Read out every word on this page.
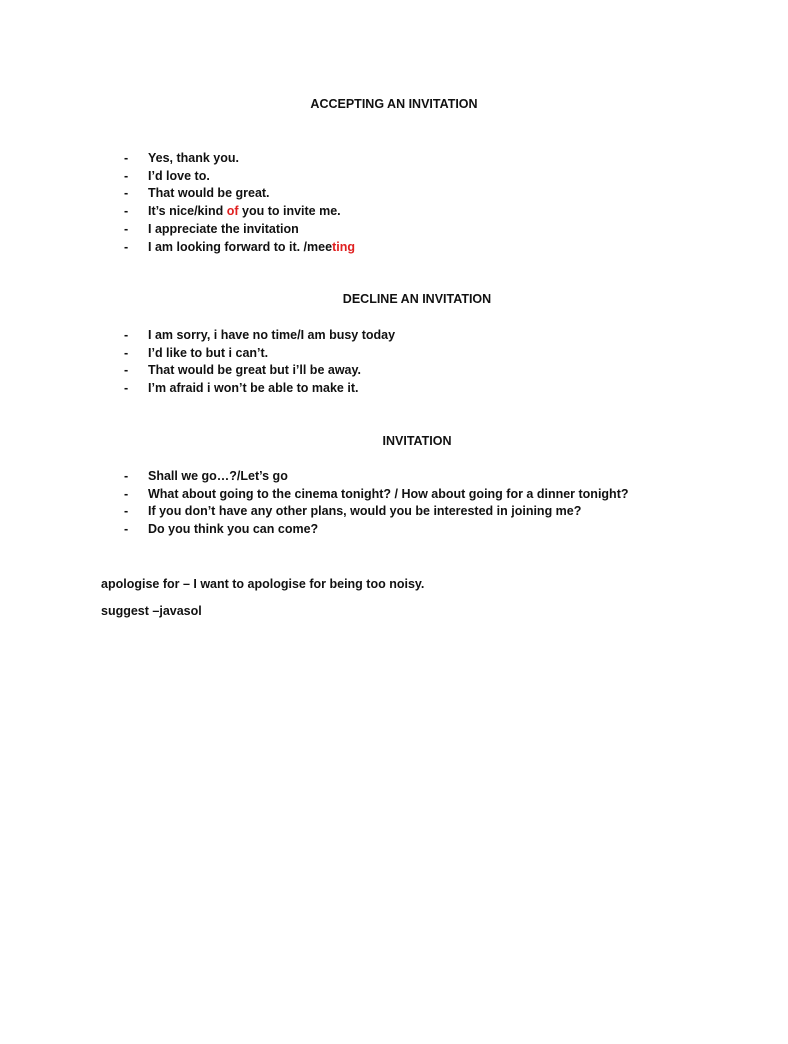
ACCEPTING AN INVITATION
DECLINE AN INVITATION
INVITATION
- Yes, thank you.
- I’d love to.
- That would be great.
- It’s nice/kind of you to invite me.
- I appreciate the invitation
- I am looking forward to it. /meeting
- I am sorry, i have no time/I am busy today
- I’d like to but i can’t.
- That would be great but i’ll be away.
- I’m afraid i won’t be able to make it.
- Shall we go…?/Let’s go
- What about going to the cinema tonight? / How about going for a dinner tonight?
- If you don’t have any other plans, would you be interested in joining me?
- Do you think you can come?
apologise for – I want to apologise for being too noisy.
suggest –javasol
